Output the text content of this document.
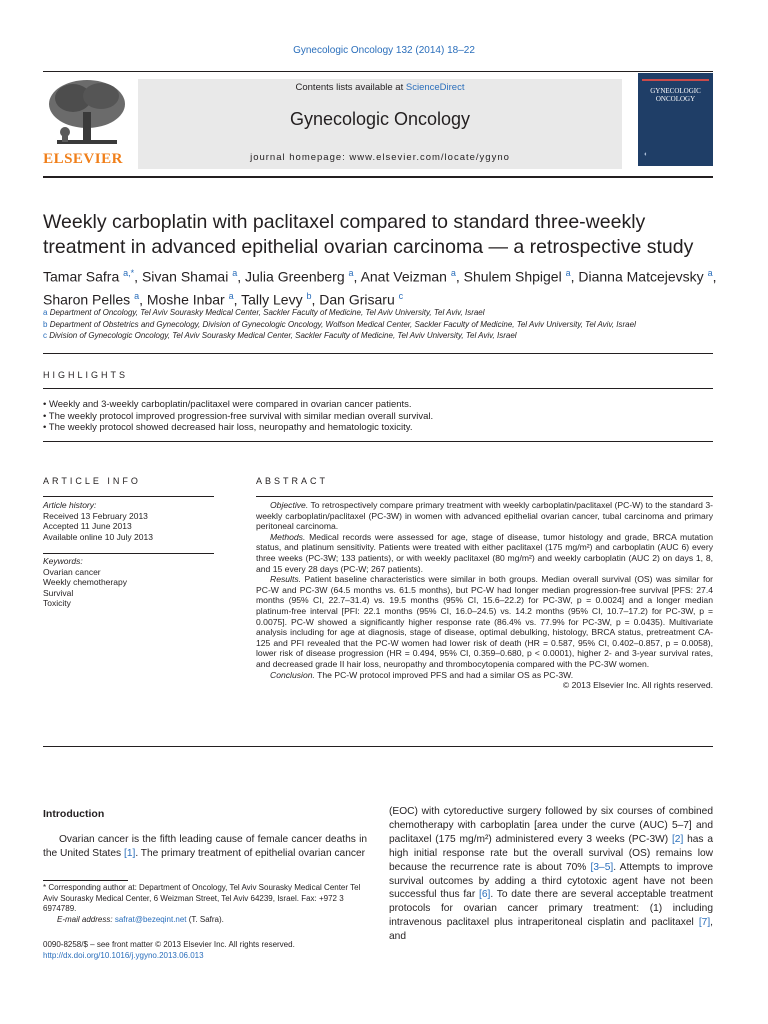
Gynecologic Oncology 132 (2014) 18–22
ELSEVIER
Contents lists available at ScienceDirect
Gynecologic Oncology
journal homepage: www.elsevier.com/locate/ygyno
GYNECOLOGIC ONCOLOGY
◐
Weekly carboplatin with paclitaxel compared to standard three-weekly treatment in advanced epithelial ovarian carcinoma — a retrospective study
Tamar Safra $^{a,*}$, Sivan Shamai $^a$, Julia Greenberg $^a$, Anat Veizman $^a$, Shulem Shpigel $^a$, Dianna Matcejevsky $^a$,
Sharon Pelles $^a$, Moshe Inbar $^a$, Tally Levy $^b$, Dan Grisaru $^c$
a Department of Oncology, Tel Aviv Sourasky Medical Center, Sackler Faculty of Medicine, Tel Aviv University, Tel Aviv, Israel
b Department of Obstetrics and Gynecology, Division of Gynecologic Oncology, Wolfson Medical Center, Sackler Faculty of Medicine, Tel Aviv University, Tel Aviv, Israel
c Division of Gynecologic Oncology, Tel Aviv Sourasky Medical Center, Sackler Faculty of Medicine, Tel Aviv University, Tel Aviv, Israel
HIGHLIGHTS
• Weekly and 3-weekly carboplatin/paclitaxel were compared in ovarian cancer patients.
• The weekly protocol improved progression-free survival with similar median overall survival.
• The weekly protocol showed decreased hair loss, neuropathy and hematologic toxicity.
ARTICLE INFO	ABSTRACT
Article history:
Received 13 February 2013
Accepted 11 June 2013
Available online 10 July 2013
Keywords:
Ovarian cancer
Weekly chemotherapy
Survival
Toxicity

Objective. To retrospectively compare primary treatment with weekly carboplatin/paclitaxel (PC-W) to the standard 3-weekly carboplatin/paclitaxel (PC-3W) in women with advanced epithelial ovarian cancer, tubal carcinoma and primary peritoneal carcinoma.

Methods. Medical records were assessed for age, stage of disease, tumor histology and grade, BRCA mutation status, and platinum sensitivity. Patients were treated with either paclitaxel (175 mg/m²) and carboplatin (AUC 6) every three weeks (PC-3W; 133 patients), or with weekly paclitaxel (80 mg/m²) and weekly carboplatin (AUC 2) on days 1, 8, and 15 every 28 days (PC-W; 267 patients).

Results. Patient baseline characteristics were similar in both groups. Median overall survival (OS) was similar for PC-W and PC-3W (64.5 months vs. 61.5 months), but PC-W had longer median progression-free survival [PFS: 27.4 months (95% CI, 22.7–31.4) vs. 19.5 months (95% CI, 15.6–22.2) for PC-3W, p = 0.0024] and a longer median platinum-free interval [PFI: 22.1 months (95% CI, 16.0–24.5) vs. 14.2 months (95% CI, 10.7–17.2) for PC-3W, p = 0.0075]. PC-W showed a significantly higher response rate (86.4% vs. 77.9% for PC-3W, p = 0.0435). Multivariate analysis including for age at diagnosis, stage of disease, optimal debulking, histology, BRCA status, pretreatment CA-125 and PFI revealed that the PC-W women had lower risk of death (HR = 0.587, 95% CI, 0.402–0.857, p = 0.0058), lower risk of disease progression (HR = 0.494, 95% CI, 0.359–0.680, p < 0.0001), higher 2- and 3-year survival rates, and decreased grade II hair loss, neuropathy and thrombocytopenia compared with the PC-3W women.

Conclusion. The PC-W protocol improved PFS and had a similar OS as PC-3W.

© 2013 Elsevier Inc. All rights reserved.
Introduction

Ovarian cancer is the fifth leading cause of female cancer deaths in the United States [1]. The primary treatment of epithelial ovarian cancer

* Corresponding author at: Department of Oncology, Tel Aviv Sourasky Medical Center Tel Aviv Sourasky Medical Center, 6 Weizman Street, Tel Aviv 64239, Israel. Fax: +972 3 6974789.
E-mail address: safrat@bezeqint.net (T. Safra).
0090-8258/$ – see front matter © 2013 Elsevier Inc. All rights reserved.
http://dx.doi.org/10.1016/j.ygyno.2013.06.013
(EOC) with cytoreductive surgery followed by six courses of combined chemotherapy with carboplatin [area under the curve (AUC) 5–7] and paclitaxel (175 mg/m²) administered every 3 weeks (PC-3W) [2] has a high initial response rate but the overall survival (OS) remains low because the recurrence rate is about 70% [3–5]. Attempts to improve survival outcomes by adding a third cytotoxic agent have not been successful thus far [6]. To date there are several acceptable treatment protocols for ovarian cancer primary treatment: (1) including intravenous paclitaxel plus intraperitoneal cisplatin and paclitaxel [7], and
